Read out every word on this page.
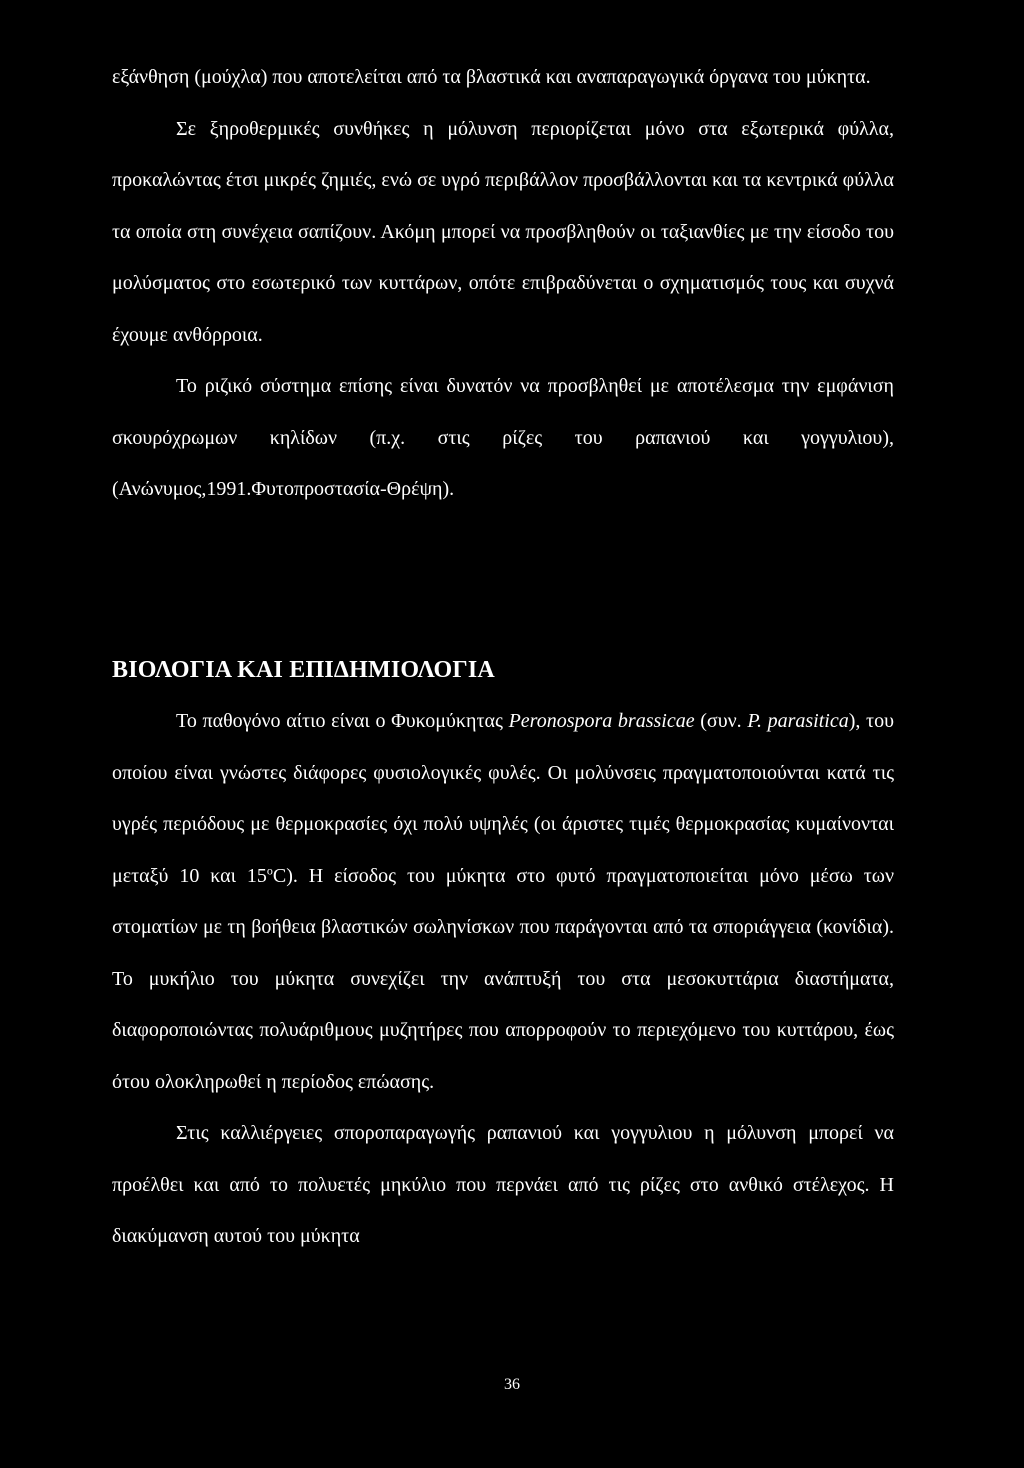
εξάνθηση (μούχλα) που αποτελείται από τα βλαστικά και αναπαραγωγικά όργανα του μύκητα.

Σε ξηροθερμικές συνθήκες η μόλυνση περιορίζεται μόνο στα εξωτερικά φύλλα, προκαλώντας έτσι μικρές ζημιές, ενώ σε υγρό περιβάλλον προσβάλλονται και τα κεντρικά φύλλα τα οποία στη συνέχεια σαπίζουν. Ακόμη μπορεί να προσβληθούν οι ταξιανθίες με την είσοδο του μολύσματος στο εσωτερικό των κυττάρων, οπότε επιβραδύνεται ο σχηματισμός τους και συχνά έχουμε ανθόρροια.

Το ριζικό σύστημα επίσης είναι δυνατόν να προσβληθεί με αποτέλεσμα την εμφάνιση σκουρόχρωμων κηλίδων (π.χ. στις ρίζες του ραπανιού και γογγυλιου), (Ανώνυμος,1991.Φυτοπροστασία-Θρέψη).

ΒΙΟΛΟΓΙΑ ΚΑΙ ΕΠΙΔΗΜΙΟΛΟΓΙΑ

Το παθογόνο αίτιο είναι ο Φυκομύκητας Peronospora brassicae (συν. P. parasitica), του οποίου είναι γνώστες διάφορες φυσιολογικές φυλές. Οι μολύνσεις πραγματοποιούνται κατά τις υγρές περιόδους με θερμοκρασίες όχι πολύ υψηλές (οι άριστες τιμές θερμοκρασίας κυμαίνονται μεταξύ 10 και $15^oC$). Η είσοδος του μύκητα στο φυτό πραγματοποιείται μόνο μέσω των στοματίων με τη βοήθεια βλαστικών σωληνίσκων που παράγονται από τα σποριάγγεια (κονίδια). Το μυκήλιο του μύκητα συνεχίζει την ανάπτυξή του στα μεσοκυττάρια διαστήματα, διαφοροποιώντας πολυάριθμους μυζητήρες που απορροφούν το περιεχόμενο του κυττάρου, έως ότου ολοκληρωθεί η περίοδος επώασης.

Στις καλλιέργειες σποροπαραγωγής ραπανιού και γογγυλιου η μόλυνση μπορεί να προέλθει και από το πολυετές μηκύλιο που περνάει από τις ρίζες στο ανθικό στέλεχος. Η διακύμανση αυτού του μύκητα

36
